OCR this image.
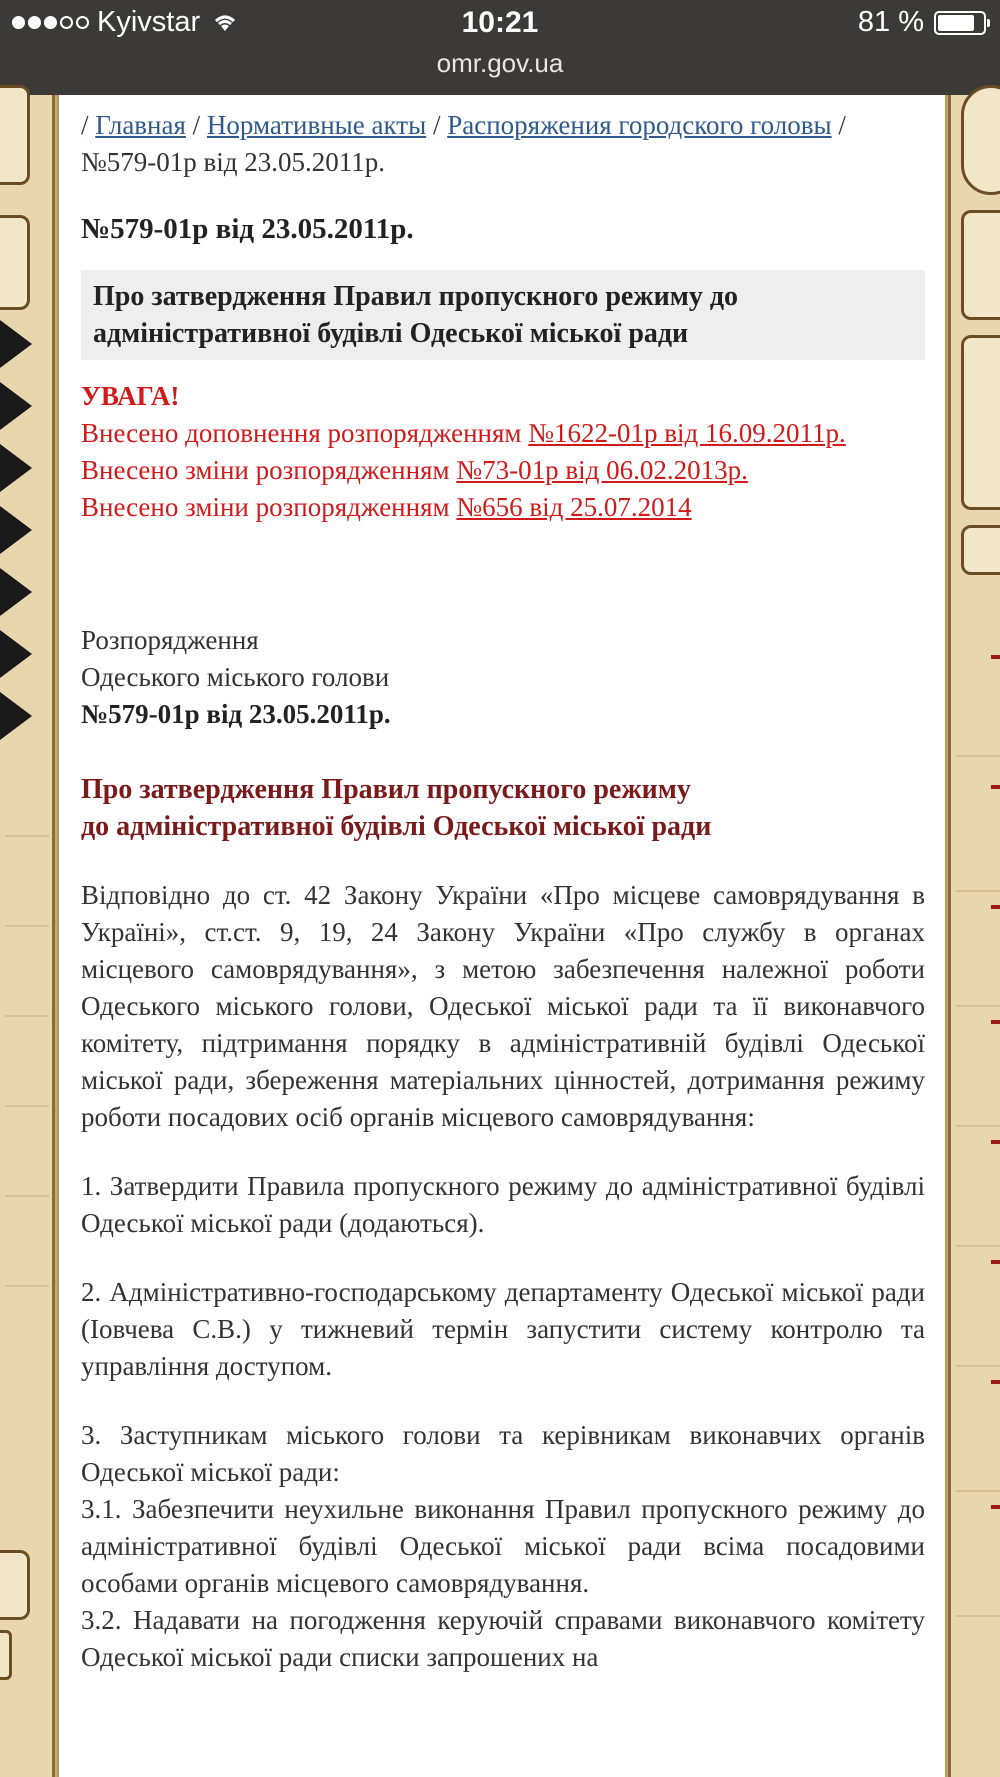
Kyivstar	10:21	81 %
omr.gov.ua
/ Главная / Нормативные акты / Распоряжения городского головы / №579-01р від 23.05.2011р.
№579-01р від 23.05.2011р.
Про затвердження Правил пропускного режиму до
адміністративної будівлі Одеської міської ради
УВАГА!
Внесено доповнення розпорядженням №1622-01р від 16.09.2011р.
Внесено зміни розпорядженням №73-01р від 06.02.2013р.
Внесено зміни розпорядженням №656 від 25.07.2014
Розпорядження
Одеського міського голови
№579-01р від 23.05.2011р.
Про затвердження Правил пропускного режиму
до адміністративної будівлі Одеської міської ради
Відповідно до ст. 42 Закону України «Про місцеве самоврядування в Україні», ст.ст. 9, 19, 24 Закону України «Про службу в органах місцевого самоврядування», з метою забезпечення належної роботи Одеського міського голови, Одеської міської ради та її виконавчого комітету, підтримання порядку в адміністративній будівлі Одеської міської ради, збереження матеріальних цінностей, дотримання режиму роботи посадових осіб органів місцевого самоврядування:
1. Затвердити Правила пропускного режиму до адміністративної будівлі Одеської міської ради (додаються).
2. Адміністративно-господарському департаменту Одеської міської ради (Іовчева С.В.) у тижневий термін запустити систему контролю та управління доступом.
3. Заступникам міського голови та керівникам виконавчих органів Одеської міської ради:
3.1. Забезпечити неухильне виконання Правил пропускного режиму до адміністративної будівлі Одеської міської ради всіма посадовими особами органів місцевого самоврядування.
3.2. Надавати на погодження керуючій справами виконавчого комітету Одеської міської ради списки запрошених на
